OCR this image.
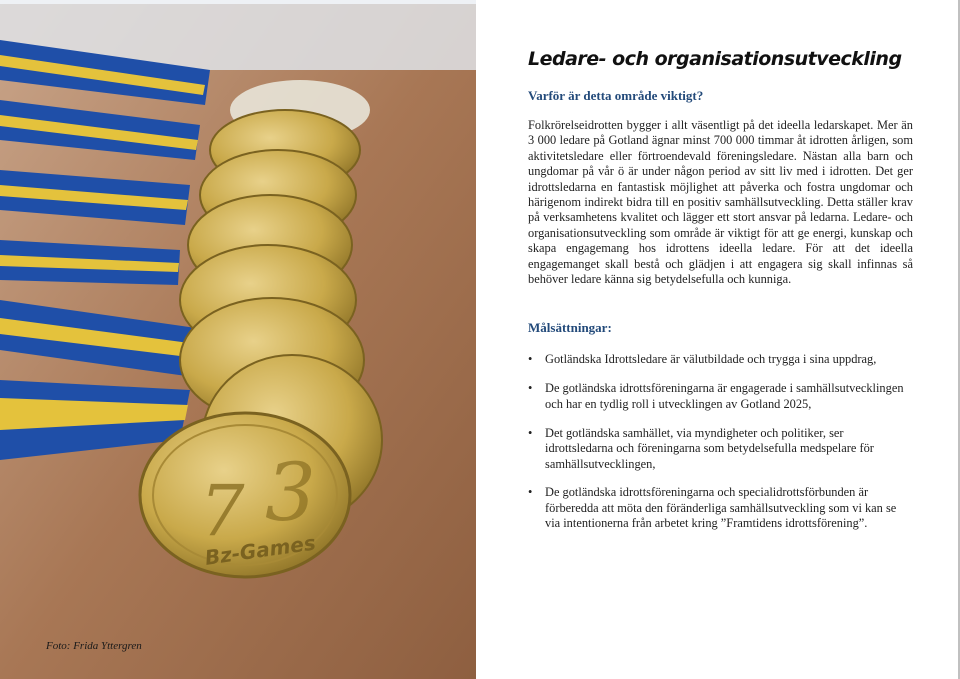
7 3
Bz-Games
Foto: Frida Yttergren
Ledare- och organisationsutveckling
Varför är detta område viktigt?

Folkrörelseidrotten bygger i allt väsentligt på det ideella ledarskapet. Mer än 3 000 ledare på Gotland ägnar minst 700 000 timmar åt idrotten årligen, som aktivitetsledare eller förtroendevald föreningsledare. Nästan alla barn och ungdomar på vår ö är under någon period av sitt liv med i idrotten. Det ger idrottsledarna en fantastisk möjlighet att påverka och fostra ungdomar och härigenom indirekt bidra till en positiv samhällsutveckling. Detta ställer krav på verksamhetens kvalitet och lägger ett stort ansvar på ledarna. Ledare- och organisationsutveckling som område är viktigt för att ge energi, kunskap och skapa engagemang hos idrottens ideella ledare. För att det ideella engagemanget skall bestå och glädjen i att engagera sig skall infinnas så behöver ledare känna sig betydelsefulla och kunniga.

Målsättningar:
• Gotländska Idrottsledare är välutbildade och trygga i sina uppdrag,
• De gotländska idrottsföreningarna är engagerade i samhällsutvecklingen och har en tydlig roll i utvecklingen av Gotland 2025,
• Det gotländska samhället, via myndigheter och politiker, ser idrottsledarna och föreningarna som betydelsefulla medspelare för samhällsutvecklingen,
• De gotländska idrottsföreningarna och specialidrottsförbunden är förberedda att möta den föränderliga samhällsutveckling som vi kan se via intentionerna från arbetet kring ”Framtidens idrottsförening”.
